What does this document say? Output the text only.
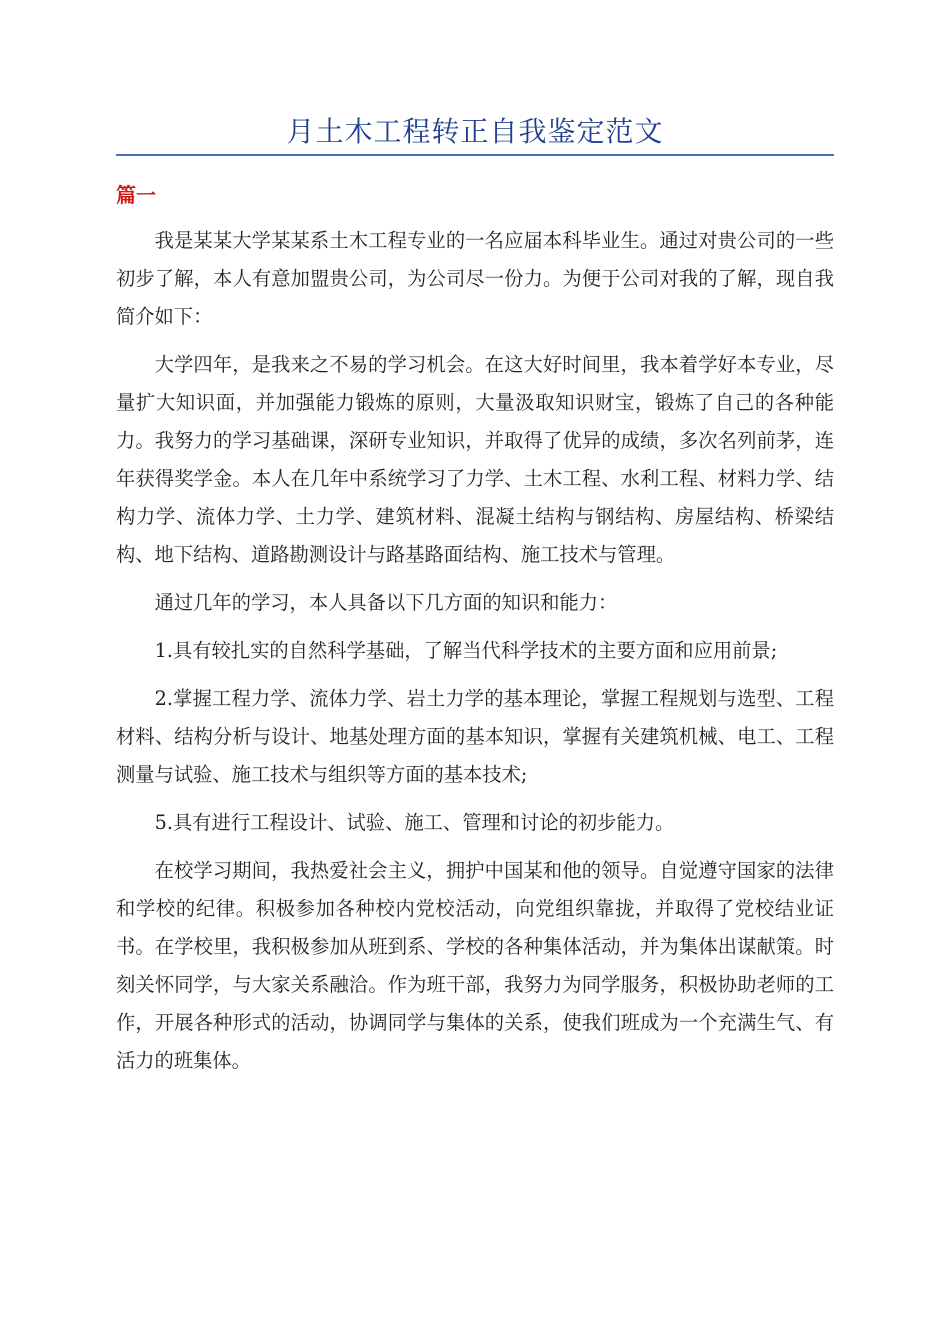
月土木工程转正自我鉴定范文
篇一

我是某某大学某某系土木工程专业的一名应届本科毕业生。通过对贵公司的一些初步了解，本人有意加盟贵公司，为公司尽一份力。为便于公司对我的了解，现自我简介如下：

大学四年，是我来之不易的学习机会。在这大好时间里，我本着学好本专业，尽量扩大知识面，并加强能力锻炼的原则，大量汲取知识财宝，锻炼了自己的各种能力。我努力的学习基础课，深研专业知识，并取得了优异的成绩，多次名列前茅，连年获得奖学金。本人在几年中系统学习了力学、土木工程、水利工程、材料力学、结构力学、流体力学、土力学、建筑材料、混凝土结构与钢结构、房屋结构、桥梁结构、地下结构、道路勘测设计与路基路面结构、施工技术与管理。

通过几年的学习，本人具备以下几方面的知识和能力：

1.具有较扎实的自然科学基础，了解当代科学技术的主要方面和应用前景;

2.掌握工程力学、流体力学、岩土力学的基本理论，掌握工程规划与选型、工程材料、结构分析与设计、地基处理方面的基本知识，掌握有关建筑机械、电工、工程测量与试验、施工技术与组织等方面的基本技术;

5.具有进行工程设计、试验、施工、管理和讨论的初步能力。

在校学习期间，我热爱社会主义，拥护中国某和他的领导。自觉遵守国家的法律和学校的纪律。积极参加各种校内党校活动，向党组织靠拢，并取得了党校结业证书。在学校里，我积极参加从班到系、学校的各种集体活动，并为集体出谋献策。时刻关怀同学，与大家关系融洽。作为班干部，我努力为同学服务，积极协助老师的工作，开展各种形式的活动，协调同学与集体的关系，使我们班成为一个充满生气、有活力的班集体。
